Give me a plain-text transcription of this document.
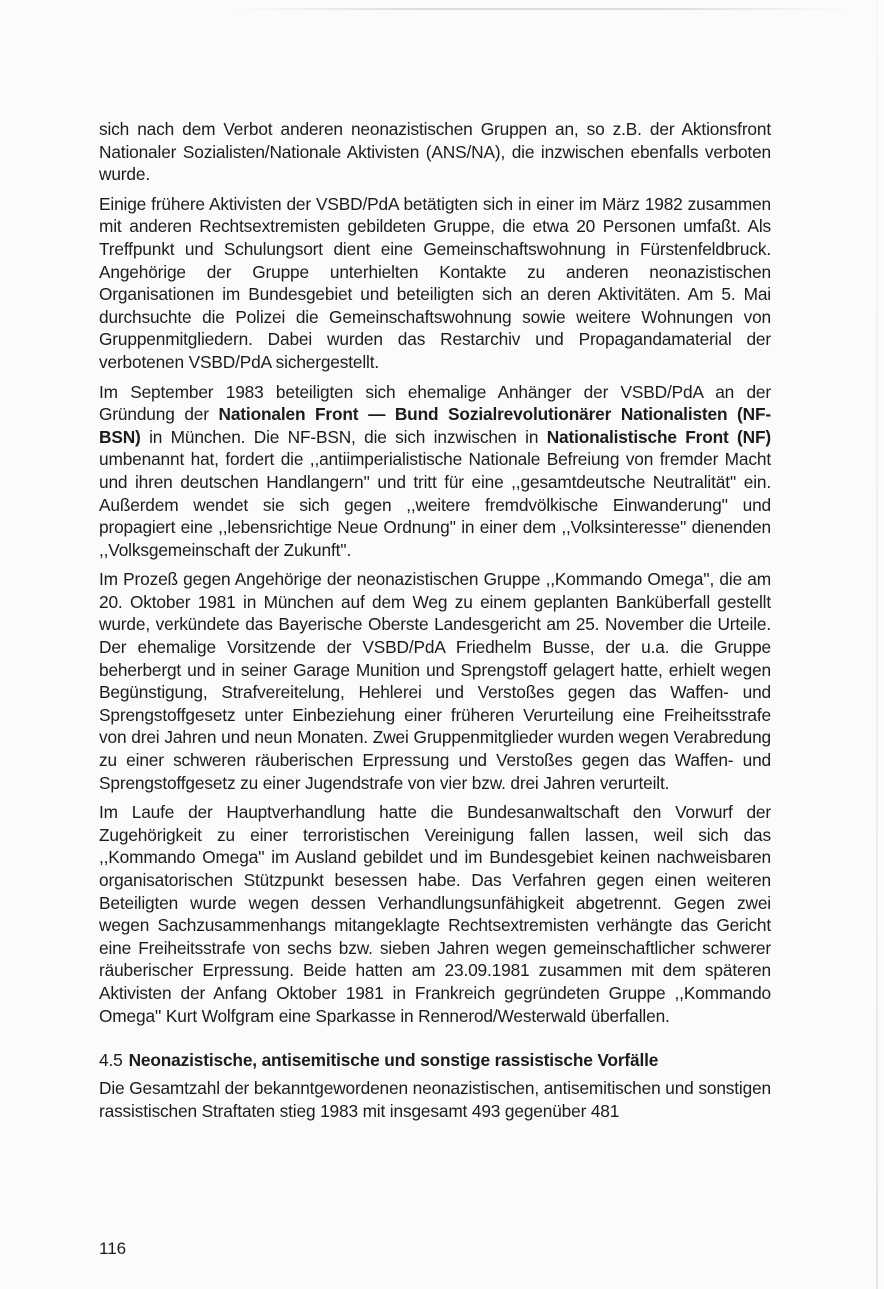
sich nach dem Verbot anderen neonazistischen Gruppen an, so z.B. der Aktionsfront Nationaler Sozialisten/Nationale Aktivisten (ANS/NA), die inzwischen ebenfalls verboten wurde.

Einige frühere Aktivisten der VSBD/PdA betätigten sich in einer im März 1982 zusammen mit anderen Rechtsextremisten gebildeten Gruppe, die etwa 20 Personen umfaßt. Als Treffpunkt und Schulungsort dient eine Gemeinschaftswohnung in Fürstenfeldbruck. Angehörige der Gruppe unterhielten Kontakte zu anderen neonazistischen Organisationen im Bundesgebiet und beteiligten sich an deren Aktivitäten. Am 5. Mai durchsuchte die Polizei die Gemeinschaftswohnung sowie weitere Wohnungen von Gruppenmitgliedern. Dabei wurden das Restarchiv und Propagandamaterial der verbotenen VSBD/PdA sichergestellt.

Im September 1983 beteiligten sich ehemalige Anhänger der VSBD/PdA an der Gründung der Nationalen Front — Bund Sozialrevolutionärer Nationalisten (NF-BSN) in München. Die NF-BSN, die sich inzwischen in Nationalistische Front (NF) umbenannt hat, fordert die ,,antiimperialistische Nationale Befreiung von fremder Macht und ihren deutschen Handlangern'' und tritt für eine ,,gesamtdeutsche Neutralität'' ein. Außerdem wendet sie sich gegen ,,weitere fremdvölkische Einwanderung'' und propagiert eine ,,lebensrichtige Neue Ordnung'' in einer dem ,,Volksinteresse'' dienenden ,,Volksgemeinschaft der Zukunft''.

Im Prozeß gegen Angehörige der neonazistischen Gruppe ,,Kommando Omega'', die am 20. Oktober 1981 in München auf dem Weg zu einem geplanten Banküberfall gestellt wurde, verkündete das Bayerische Oberste Landesgericht am 25. November die Urteile. Der ehemalige Vorsitzende der VSBD/PdA Friedhelm Busse, der u.a. die Gruppe beherbergt und in seiner Garage Munition und Sprengstoff gelagert hatte, erhielt wegen Begünstigung, Strafvereitelung, Hehlerei und Verstoßes gegen das Waffen- und Sprengstoffgesetz unter Einbeziehung einer früheren Verurteilung eine Freiheitsstrafe von drei Jahren und neun Monaten. Zwei Gruppenmitglieder wurden wegen Verabredung zu einer schweren räuberischen Erpressung und Verstoßes gegen das Waffen- und Sprengstoffgesetz zu einer Jugendstrafe von vier bzw. drei Jahren verurteilt.

Im Laufe der Hauptverhandlung hatte die Bundesanwaltschaft den Vorwurf der Zugehörigkeit zu einer terroristischen Vereinigung fallen lassen, weil sich das ,,Kommando Omega'' im Ausland gebildet und im Bundesgebiet keinen nachweisbaren organisatorischen Stützpunkt besessen habe. Das Verfahren gegen einen weiteren Beteiligten wurde wegen dessen Verhandlungsunfähigkeit abgetrennt. Gegen zwei wegen Sachzusammenhangs mitangeklagte Rechtsextremisten verhängte das Gericht eine Freiheitsstrafe von sechs bzw. sieben Jahren wegen gemeinschaftlicher schwerer räuberischer Erpressung. Beide hatten am 23.09.1981 zusammen mit dem späteren Aktivisten der Anfang Oktober 1981 in Frankreich gegründeten Gruppe ,,Kommando Omega'' Kurt Wolfgram eine Sparkasse in Rennerod/Westerwald überfallen.

4.5 Neonazistische, antisemitische und sonstige rassistische Vorfälle

Die Gesamtzahl der bekanntgewordenen neonazistischen, antisemitischen und sonstigen rassistischen Straftaten stieg 1983 mit insgesamt 493 gegenüber 481

116
